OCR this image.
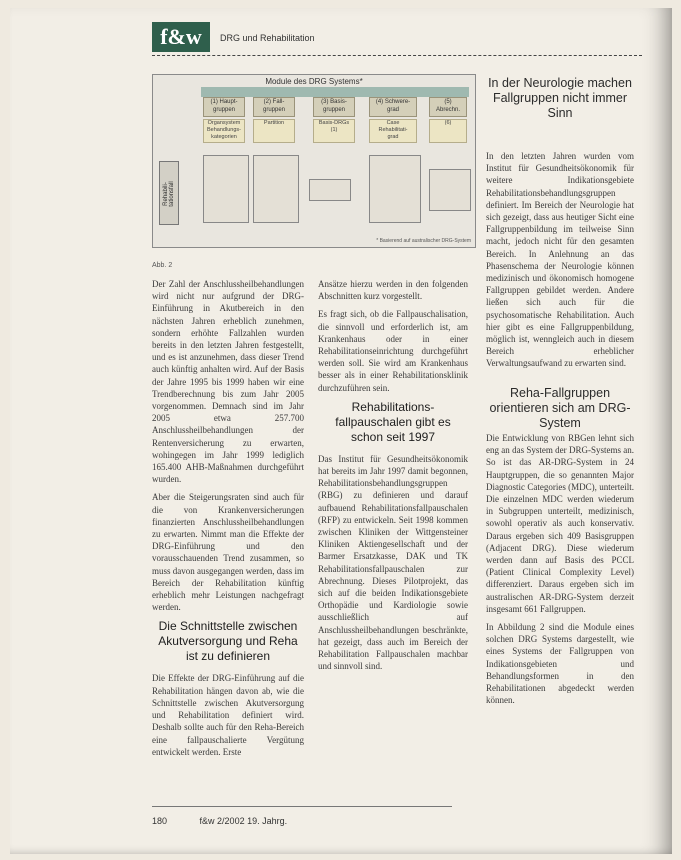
f&w	DRG und Rehabilitation
Module des DRG Systems*
(1) Haupt-
gruppen
(2) Fall-
gruppen
(3) Basis-
gruppen
(4) Schwere-
grad
(5)
Abrechn.
Organsystem
Behandlungs-
kategorien
Partition	Basis-DRGs
(1)
Case
Rehabilitati-
grad
(6)
Rehabili-
tationsfall
* Basierend auf australischer DRG-System
Abb. 2

Der Zahl der Anschlussheilbehandlungen wird nicht nur aufgrund der DRG-Einführung in Akutbereich in den nächsten Jahren erheblich zunehmen, sondern erhöhte Fallzahlen wurden bereits in den letzten Jahren festgestellt, und es ist anzunehmen, dass dieser Trend auch künftig anhalten wird. Auf der Basis der Jahre 1995 bis 1999 haben wir eine Trendberechnung bis zum Jahr 2005 vorgenommen. Demnach sind im Jahr 2005 etwa 257.700 Anschlussheilbehandlungen der Rentenversicherung zu erwarten, wohingegen im Jahr 1999 lediglich 165.400 AHB-Maßnahmen durchgeführt wurden.

Aber die Steigerungsraten sind auch für die von Krankenversicherungen finanzierten Anschlussheilbehandlungen zu erwarten. Nimmt man die Effekte der DRG-Einführung und den vorausschauenden Trend zusammen, so muss davon ausgegangen werden, dass im Bereich der Rehabilitation künftig erheblich mehr Leistungen nachgefragt werden.

Die Schnittstelle zwischen Akutversorgung und Reha ist zu definieren

Die Effekte der DRG-Einführung auf die Rehabilitation hängen davon ab, wie die Schnittstelle zwischen Akutversorgung und Rehabilitation definiert wird. Deshalb sollte auch für den Reha-Bereich eine fallpauschalierte Vergütung entwickelt werden. Erste

Ansätze hierzu werden in den folgenden Abschnitten kurz vorgestellt.

Es fragt sich, ob die Fallpauschalisation, die sinnvoll und erforderlich ist, am Krankenhaus oder in einer Rehabilitationseinrichtung durchgeführt werden soll. Sie wird am Krankenhaus besser als in einer Rehabilitationsklinik durchzuführen sein.

Rehabilitations-fallpauschalen gibt es schon seit 1997

Das Institut für Gesundheitsökonomik hat bereits im Jahr 1997 damit begonnen, Rehabilitationsbehandlungsgruppen (RBG) zu definieren und darauf aufbauend Rehabilitationsfallpauschalen (RFP) zu entwickeln. Seit 1998 kommen zwischen Kliniken der Wittgensteiner Kliniken Aktiengesellschaft und der Barmer Ersatzkasse, DAK und TK Rehabilitationsfallpauschalen zur Abrechnung. Dieses Pilotprojekt, das sich auf die beiden Indikationsgebiete Orthopädie und Kardiologie sowie ausschließlich auf Anschlussheilbehandlungen beschränkte, hat gezeigt, dass auch im Bereich der Rehabilitation Fallpauschalen machbar und sinnvoll sind.

In der Neurologie machen Fallgruppen nicht immer Sinn

In den letzten Jahren wurden vom Institut für Gesundheitsökonomik für weitere Indikationsgebiete Rehabilitationsbehandlungsgruppen definiert. Im Bereich der Neurologie hat sich gezeigt, dass aus heutiger Sicht eine Fallgruppenbildung im teilweise Sinn macht, jedoch nicht für den gesamten Bereich. In Anlehnung an das Phasenschema der Neurologie können medizinisch und ökonomisch homogene Fallgruppen gebildet werden. Andere ließen sich auch für die psychosomatische Rehabilitation. Auch hier gibt es eine Fallgruppenbildung, möglich ist, wenngleich auch in diesem Bereich erheblicher Verwaltungsaufwand zu erwarten sind.

Reha-Fallgruppen orientieren sich am DRG-System

Die Entwicklung von RBGen lehnt sich eng an das System der DRG-Systems an. So ist das AR-DRG-System in 24 Hauptgruppen, die so genannten Major Diagnostic Categories (MDC), unterteilt. Die einzelnen MDC werden wiederum in Subgruppen unterteilt, medizinisch, sowohl operativ als auch konservativ. Daraus ergeben sich 409 Basisgruppen (Adjacent DRG). Diese wiederum werden dann auf Basis des PCCL (Patient Clinical Complexity Level) differenziert. Daraus ergeben sich im australischen AR-DRG-System derzeit insgesamt 661 Fallgruppen.

In Abbildung 2 sind die Module eines solchen DRG Systems dargestellt, wie eines Systems der Fallgruppen von Indikationsgebieten und Behandlungsformen in den Rehabilitationen abgedeckt werden können.

180	f&w 2/2002 19. Jahrg.
